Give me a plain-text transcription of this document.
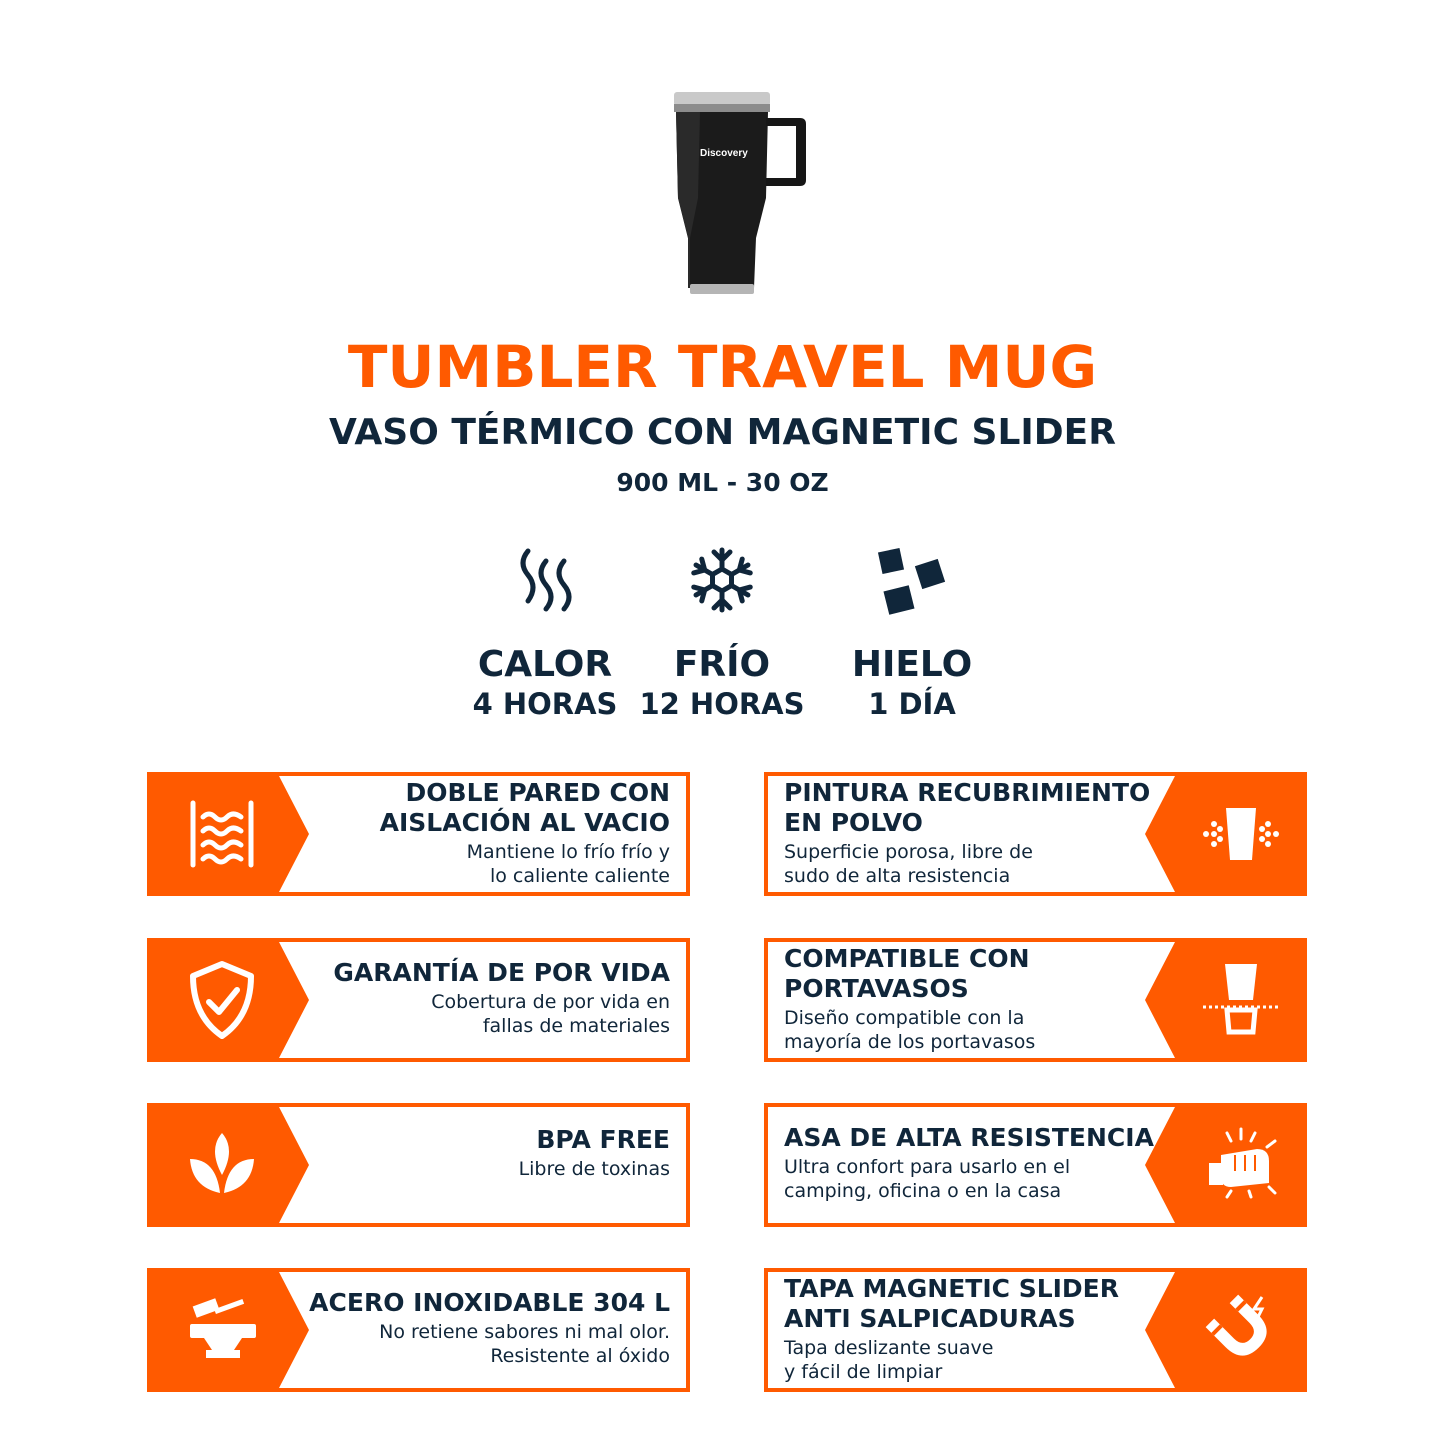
Discovery
TUMBLER TRAVEL MUG
VASO TÉRMICO CON MAGNETIC SLIDER
900 ML - 30 OZ
CALOR
4 HORAS
FRÍO
12 HORAS
HIELO
1 DÍA
DOBLE PARED CON
AISLACIÓN AL VACIO
Mantiene lo frío frío y
lo caliente caliente
GARANTÍA DE POR VIDA
Cobertura de por vida en
fallas de materiales
BPA FREE
Libre de toxinas
ACERO INOXIDABLE 304 L
No retiene sabores ni mal olor.
Resistente al óxido
PINTURA RECUBRIMIENTO
EN POLVO
Superficie porosa, libre de
sudo de alta resistencia
COMPATIBLE CON
PORTAVASOS
Diseño compatible con la
mayoría de los portavasos
ASA DE ALTA RESISTENCIA
Ultra confort para usarlo en el
camping, oficina o en la casa
TAPA MAGNETIC SLIDER
ANTI SALPICADURAS
Tapa deslizante suave
y fácil de limpiar
